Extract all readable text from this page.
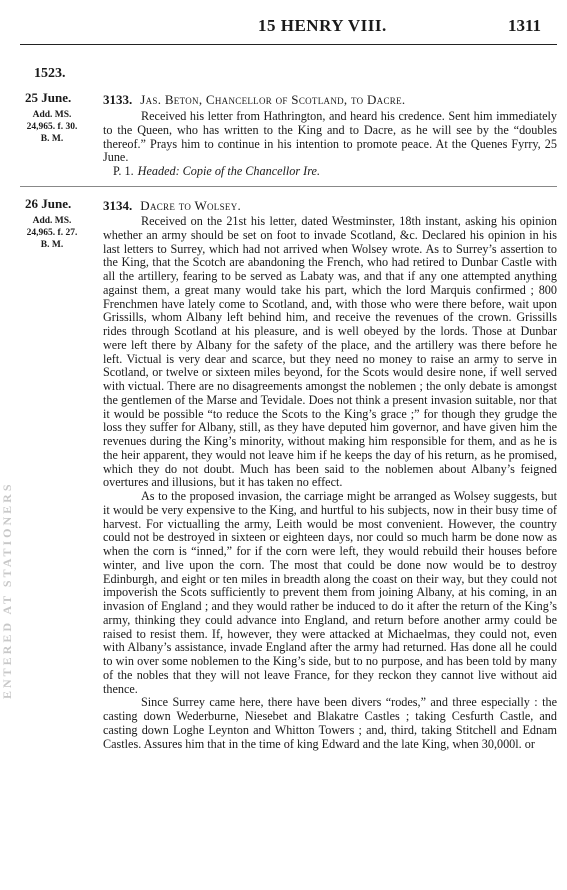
15 HENRY VIII.	1311
1523.
25 June.
Add. MS.
24,965. f. 30.
B. M.
3133. Jas. Beton, Chancellor of Scotland, to Dacre.

Received his letter from Hathrington, and heard his credence. Sent him immediately to the Queen, who has written to the King and to Dacre, as he will see by the “doubles thereof.” Prays him to continue in his intention to promote peace. At the Quenes Fyrry, 25 June.

P. 1. Headed: Copie of the Chancellor Ire.
26 June.
Add. MS.
24,965. f. 27.
B. M.
3134. Dacre to Wolsey.

Received on the 21st his letter, dated Westminster, 18th instant, asking his opinion whether an army should be set on foot to invade Scotland, &c. Declared his opinion in his last letters to Surrey, which had not arrived when Wolsey wrote. As to Surrey’s assertion to the King, that the Scotch are abandoning the French, who had retired to Dunbar Castle with all the artillery, fearing to be served as Labaty was, and that if any one attempted anything against them, a great many would take his part, which the lord Marquis confirmed ; 800 Frenchmen have lately come to Scotland, and, with those who were there before, wait upon Grissills, whom Albany left behind him, and receive the revenues of the crown. Grissills rides through Scotland at his pleasure, and is well obeyed by the lords. Those at Dunbar were left there by Albany for the safety of the place, and the artillery was there before he left. Victual is very dear and scarce, but they need no money to raise an army to serve in Scotland, or twelve or sixteen miles beyond, for the Scots would desire none, if well served with victual. There are no disagreements amongst the noblemen ; the only debate is amongst the gentlemen of the Marse and Tevidale. Does not think a present invasion suitable, nor that it would be possible “to reduce the Scots to the King’s grace ;” for though they grudge the loss they suffer for Albany, still, as they have deputed him governor, and have given him the revenues during the King’s minority, without making him responsible for them, and as he is the heir apparent, they would not leave him if he keeps the day of his return, as he promised, which they do not doubt. Much has been said to the noblemen about Albany’s feigned overtures and illusions, but it has taken no effect.

As to the proposed invasion, the carriage might be arranged as Wolsey suggests, but it would be very expensive to the King, and hurtful to his subjects, now in their busy time of harvest. For victualling the army, Leith would be most convenient. However, the country could not be destroyed in sixteen or eighteen days, nor could so much harm be done now as when the corn is “inned,” for if the corn were left, they would rebuild their houses before winter, and live upon the corn. The most that could be done now would be to destroy Edinburgh, and eight or ten miles in breadth along the coast on their way, but they could not impoverish the Scots sufficiently to prevent them from joining Albany, at his coming, in an invasion of England ; and they would rather be induced to do it after the return of the King’s army, thinking they could advance into England, and return before another army could be raised to resist them. If, however, they were attacked at Michaelmas, they could not, even with Albany’s assistance, invade England after the army had returned. Has done all he could to win over some noblemen to the King’s side, but to no purpose, and has been told by many of the nobles that they will not leave France, for they reckon they cannot live without aid thence.

Since Surrey came here, there have been divers “rodes,” and three especially : the casting down Wederburne, Niesebet and Blakatre Castles ; taking Cesfurth Castle, and casting down Loghe Leynton and Whitton Towers ; and, third, taking Stitchell and Ednam Castles. Assures him that in the time of king Edward and the late King, when 30,000l. or

ENTERED AT STATIONERS
